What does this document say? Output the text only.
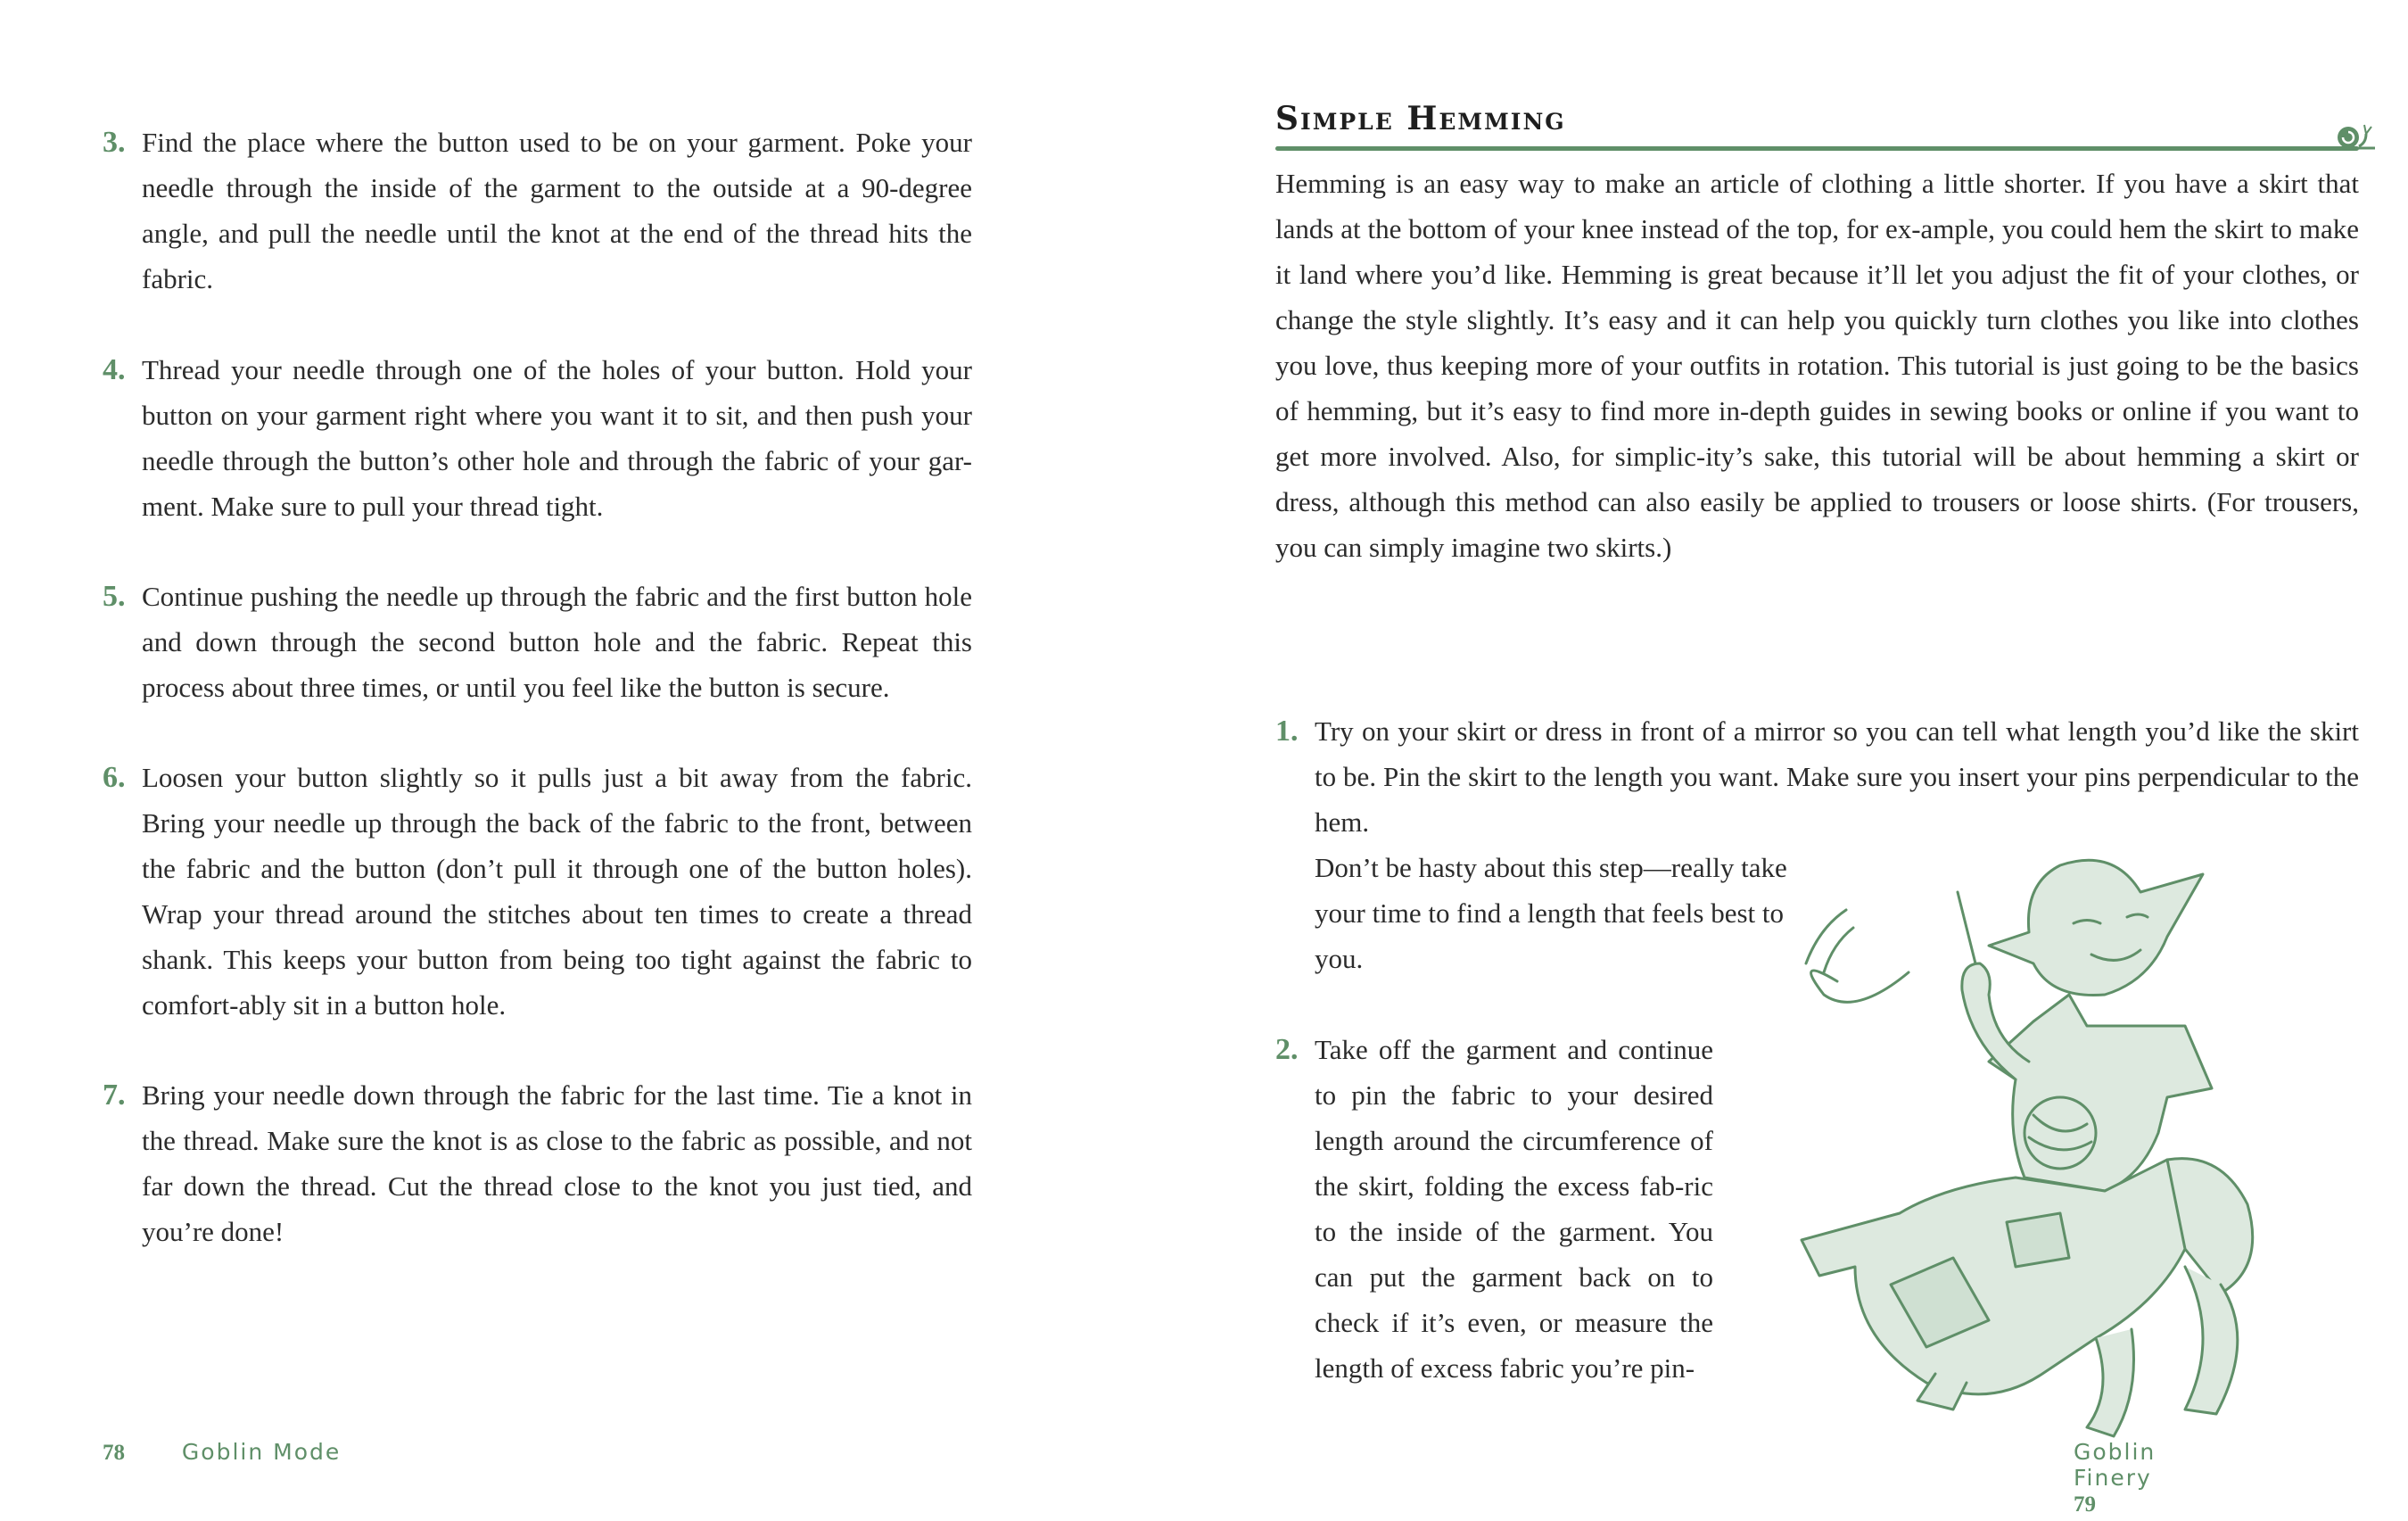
3. Find the place where the button used to be on your garment. Poke your needle through the inside of the garment to the outside at a 90-degree angle, and pull the needle until the knot at the end of the thread hits the fabric.
4. Thread your needle through one of the holes of your button. Hold your button on your garment right where you want it to sit, and then push your needle through the button’s other hole and through the fabric of your gar-ment. Make sure to pull your thread tight.
5. Continue pushing the needle up through the fabric and the first button hole and down through the second button hole and the fabric. Repeat this process about three times, or until you feel like the button is secure.
6. Loosen your button slightly so it pulls just a bit away from the fabric. Bring your needle up through the back of the fabric to the front, between the fabric and the button (don’t pull it through one of the button holes). Wrap your thread around the stitches about ten times to create a thread shank. This keeps your button from being too tight against the fabric to comfort-ably sit in a button hole.
7. Bring your needle down through the fabric for the last time. Tie a knot in the thread. Make sure the knot is as close to the fabric as possible, and not far down the thread. Cut the thread close to the knot you just tied, and you’re done!
78	Goblin Mode
Simple Hemming
Hemming is an easy way to make an article of clothing a little shorter. If you have a skirt that lands at the bottom of your knee instead of the top, for ex-ample, you could hem the skirt to make it land where you’d like. Hemming is great because it’ll let you adjust the fit of your clothes, or change the style slightly. It’s easy and it can help you quickly turn clothes you like into clothes you love, thus keeping more of your outfits in rotation. This tutorial is just going to be the basics of hemming, but it’s easy to find more in-depth guides in sewing books or online if you want to get more involved. Also, for simplic-ity’s sake, this tutorial will be about hemming a skirt or dress, although this method can also easily be applied to trousers or loose shirts. (For trousers, you can simply imagine two skirts.)
1. Try on your skirt or dress in front of a mirror so you can tell what length you’d like the skirt to be. Pin the skirt to the length you want. Make sure you insert your pins perpendicular to the hem.
Don’t be hasty about this step—really take your time to find a length that feels best to you.
2. Take off the garment and continue to pin the fabric to your desired length around the circumference of the skirt, folding the excess fab-ric to the inside of the garment. You can put the garment back on to check if it’s even, or measure the length of excess fabric you’re pin-
Goblin Finery  79
